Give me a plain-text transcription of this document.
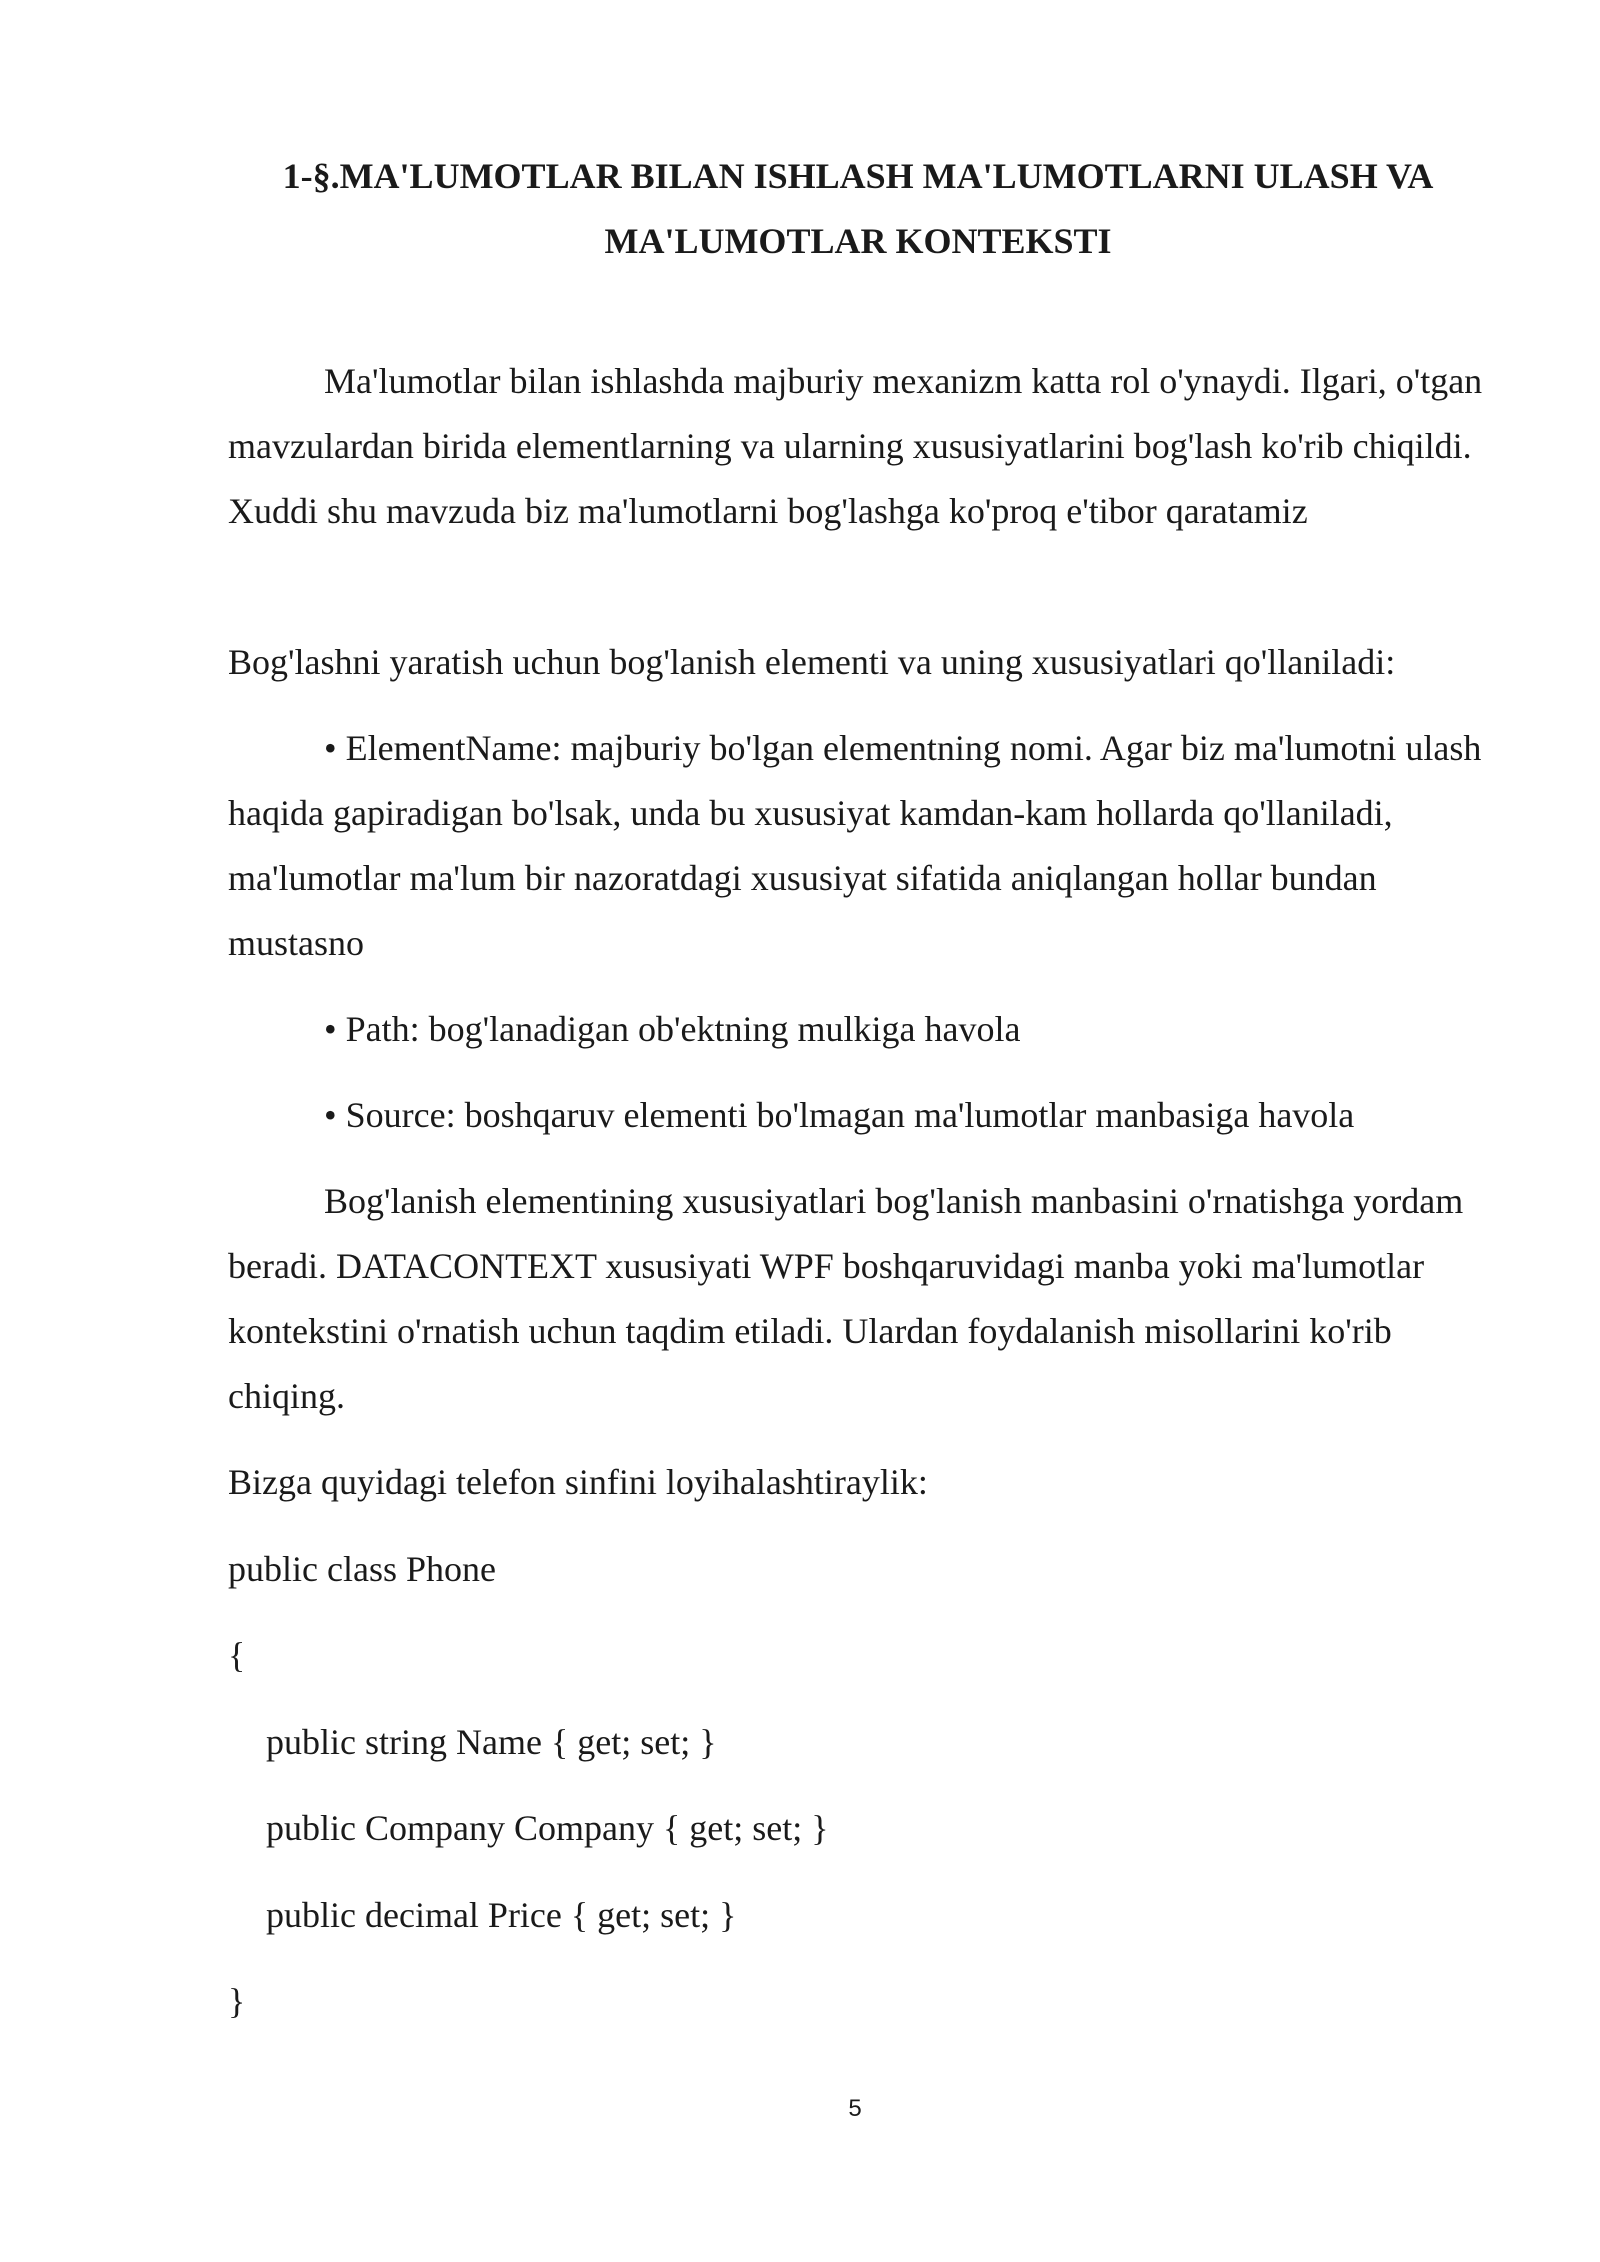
1-§.MA'LUMOTLAR BILAN ISHLASH MA'LUMOTLARNI ULASH VA
MA'LUMOTLAR KONTEKSTI

Ma'lumotlar bilan ishlashda majburiy mexanizm katta rol o'ynaydi. Ilgari, o'tgan mavzulardan birida elementlarning va ularning xususiyatlarini bog'lash ko'rib chiqildi. Xuddi shu mavzuda biz ma'lumotlarni bog'lashga ko'proq e'tibor qaratamiz

Bog'lashni yaratish uchun bog'lanish elementi va uning xususiyatlari qo'llaniladi:

• ElementName: majburiy bo'lgan elementning nomi. Agar biz ma'lumotni ulash haqida gapiradigan bo'lsak, unda bu xususiyat kamdan-kam hollarda qo'llaniladi, ma'lumotlar ma'lum bir nazoratdagi xususiyat sifatida aniqlangan hollar bundan mustasno

• Path: bog'lanadigan ob'ektning mulkiga havola

• Source: boshqaruv elementi bo'lmagan ma'lumotlar manbasiga havola

Bog'lanish elementining xususiyatlari bog'lanish manbasini o'rnatishga yordam beradi. DATACONTEXT xususiyati WPF boshqaruvidagi manba yoki ma'lumotlar kontekstini o'rnatish uchun taqdim etiladi. Ulardan foydalanish misollarini ko'rib chiqing.

Bizga quyidagi telefon sinfini loyihalashtiraylik:

public class Phone

{

public string Name { get; set; }

public Company Company { get; set; }

public decimal Price { get; set; }

}

5
